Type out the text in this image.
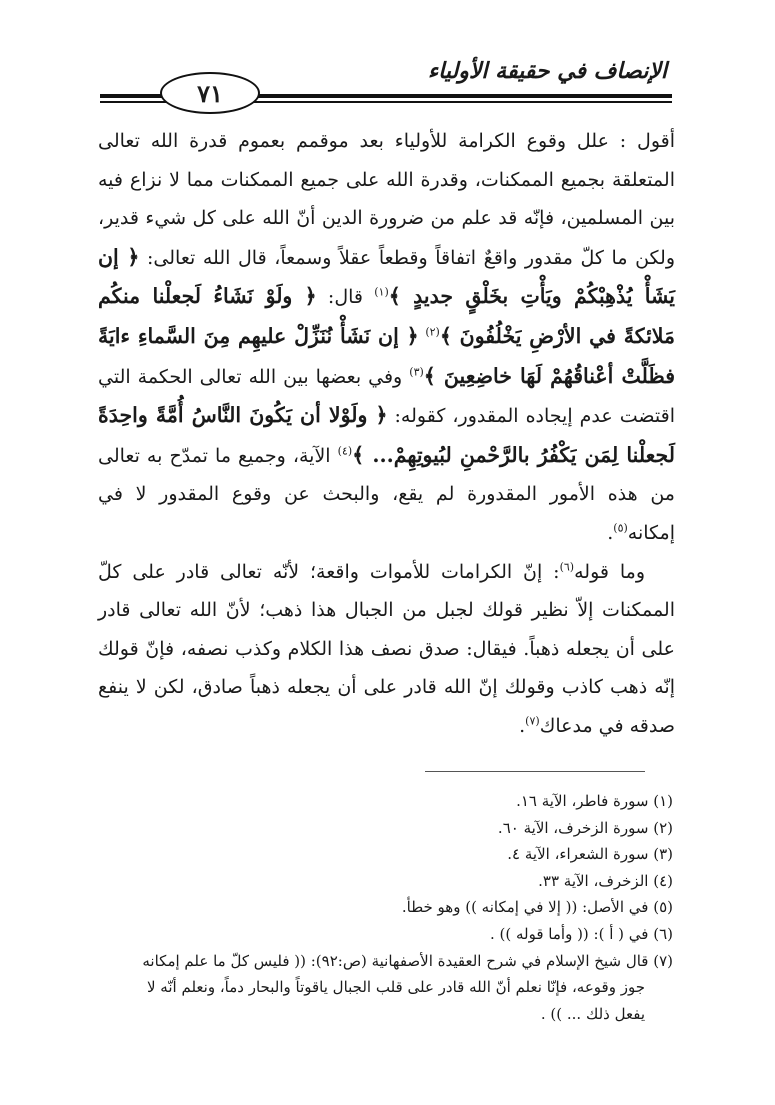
الإنصاف في حقيقة الأولياء
٧١

أقول : علل وقوع الكرامة للأولياء بعد موقمم بعموم قدرة الله تعالى المتعلقة بجميع الممكنات، وقدرة الله على جميع الممكنات مما لا نزاع فيه بين المسلمين، فإنّه قد علم من ضرورة الدين أنّ الله على كل شيء قدير، ولكن ما كلّ مقدور واقعٌ اتفاقاً وقطعاً عقلاً وسمعاً، قال الله تعالى: ﴿ إن يَشَأْ يُذْهِبْكُمْ ويَأْتِ بخَلْقٍ جديدٍ ﴾$^{(١)}$ قال: ﴿ ولَوْ نَشَاءُ لَجعلْنا منكُم مَلائكةً في الأرْضِ يَخْلُفُونَ ﴾$^{(٢)}$ ﴿ إن نَشَأْ نُنَزِّلْ عليهِم مِنَ السَّماءِ ءايَةً فظَلَّتْ أعْناقُهُمْ لَهَا خاضِعِينَ ﴾$^{(٣)}$ وفي بعضها بين الله تعالى الحكمة التي اقتضت عدم إيجاده المقدور، كقوله: ﴿ ولَوْلا أن يَكُونَ النَّاسُ أُمَّةً واحِدَةً لَجعلْنا لِمَن يَكْفُرُ بالرَّحْمنِ لبُيوتِهِمْ... ﴾$^{(٤)}$ الآية، وجميع ما تمدّح به تعالى من هذه الأمور المقدورة لم يقع، والبحث عن وقوع المقدور لا في إمكانه$^{(٥)}$.

وما قوله$^{(٦)}$: إنّ الكرامات للأموات واقعة؛ لأنّه تعالى قادر على كلّ الممكنات إلاّ نظير قولك لجبل من الجبال هذا ذهب؛ لأنّ الله تعالى قادر على أن يجعله ذهباً. فيقال: صدق نصف هذا الكلام وكذب نصفه، فإنّ قولك إنّه ذهب كاذب وقولك إنّ الله قادر على أن يجعله ذهباً صادق، لكن لا ينفع صدقه في مدعاك$^{(٧)}$.

(١) سورة فاطر، الآية ١٦.

(٢) سورة الزخرف، الآية ٦٠.

(٣) سورة الشعراء، الآية ٤.

(٤) الزخرف، الآية ٣٣.

(٥) في الأصل: (( إلا في إمكانه )) وهو خطأ.

(٦) في ( أ ): (( وأما قوله )) .

(٧) قال شيخ الإسلام في شرح العقيدة الأصفهانية (ص:٩٢): (( فليس كلّ ما علم إمكانه

جوز وقوعه، فإنّا نعلم أنّ الله قادر على قلب الجبال ياقوتاً والبحار دماً، ونعلم أنّه لا

يفعل ذلك ... )) .
